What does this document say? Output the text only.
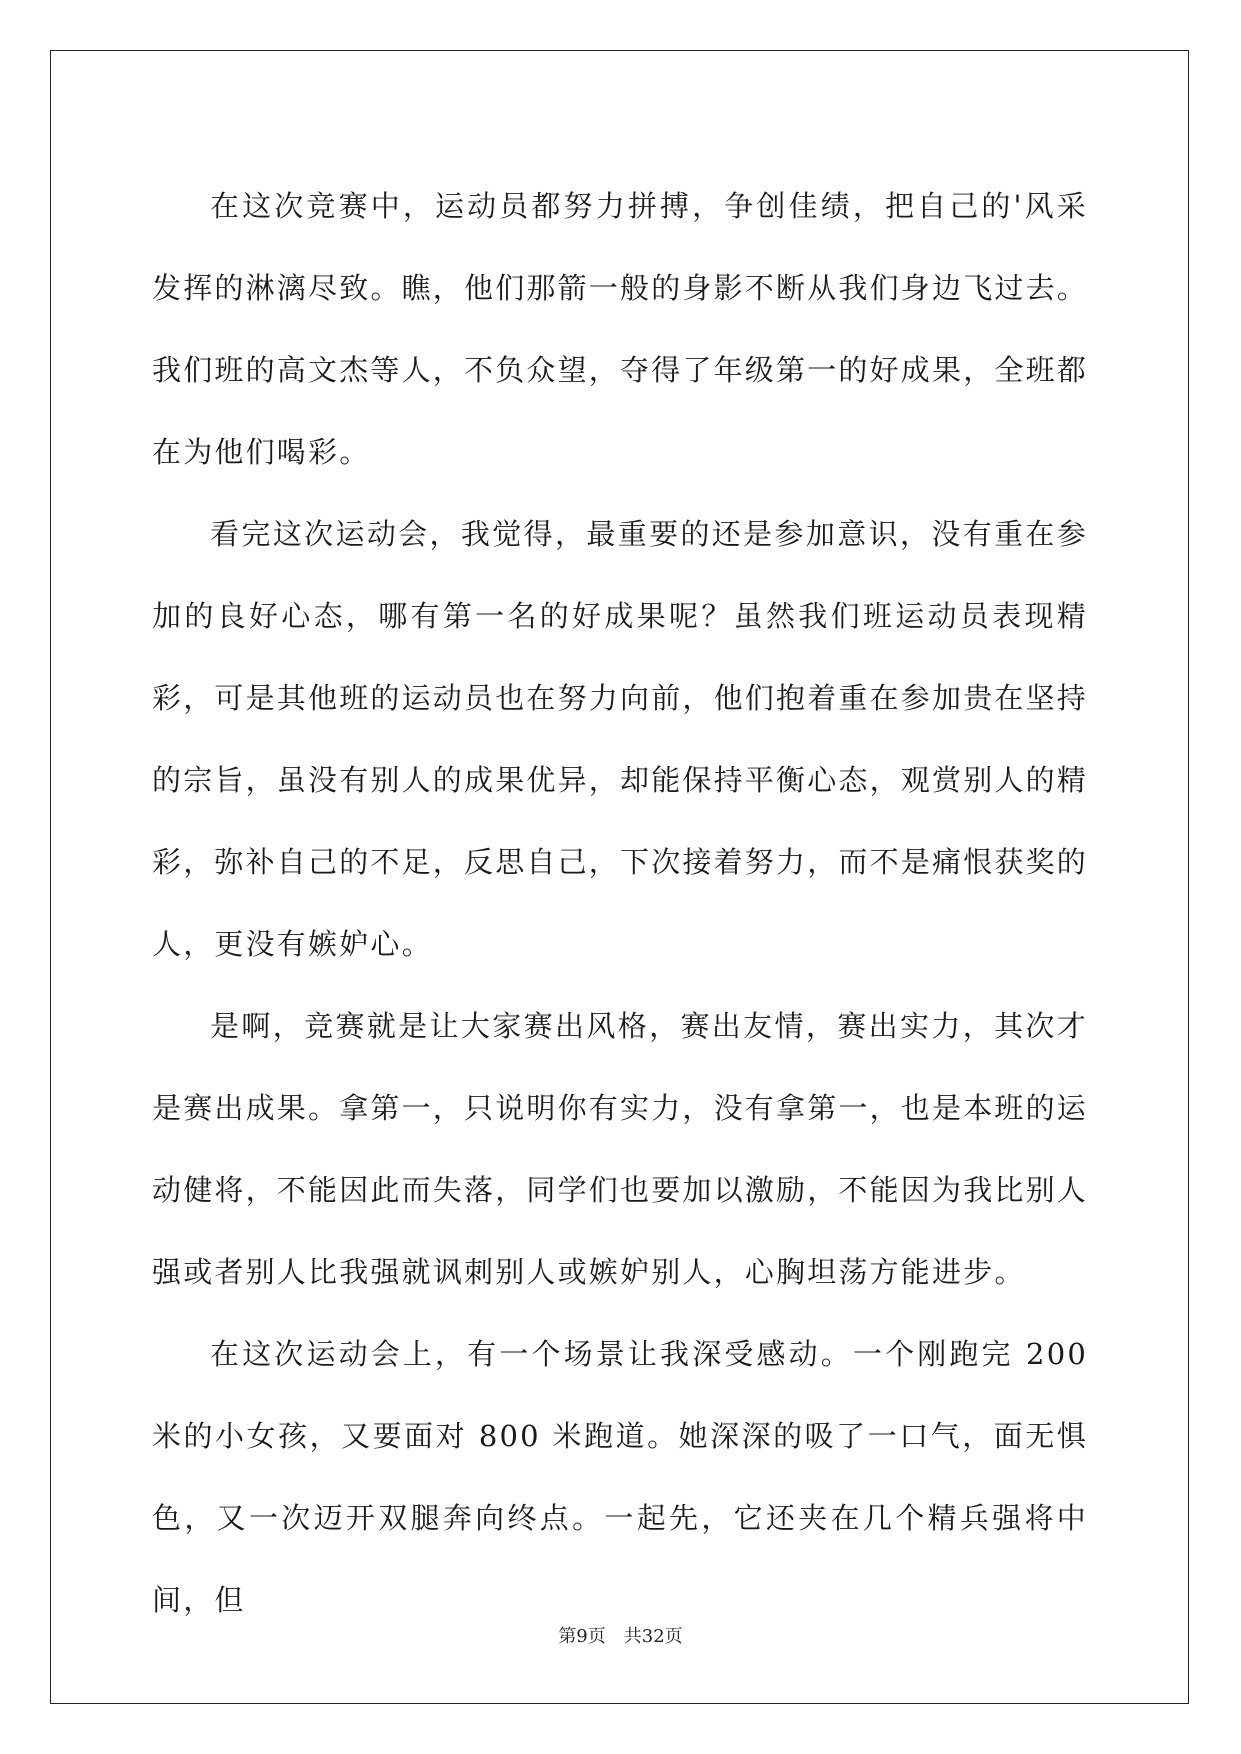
在这次竞赛中，运动员都努力拼搏，争创佳绩，把自己的'风采发挥的淋漓尽致。瞧，他们那箭一般的身影不断从我们身边飞过去。我们班的高文杰等人，不负众望，夺得了年级第一的好成果，全班都在为他们喝彩。

看完这次运动会，我觉得，最重要的还是参加意识，没有重在参加的良好心态，哪有第一名的好成果呢？虽然我们班运动员表现精彩，可是其他班的运动员也在努力向前，他们抱着重在参加贵在坚持的宗旨，虽没有别人的成果优异，却能保持平衡心态，观赏别人的精彩，弥补自己的不足，反思自己，下次接着努力，而不是痛恨获奖的人，更没有嫉妒心。

是啊，竞赛就是让大家赛出风格，赛出友情，赛出实力，其次才是赛出成果。拿第一，只说明你有实力，没有拿第一，也是本班的运动健将，不能因此而失落，同学们也要加以激励，不能因为我比别人强或者别人比我强就讽刺别人或嫉妒别人，心胸坦荡方能进步。

在这次运动会上，有一个场景让我深受感动。一个刚跑完 200 米的小女孩，又要面对 800 米跑道。她深深的吸了一口气，面无惧色，又一次迈开双腿奔向终点。一起先，它还夹在几个精兵强将中间，但

第9页 共32页
